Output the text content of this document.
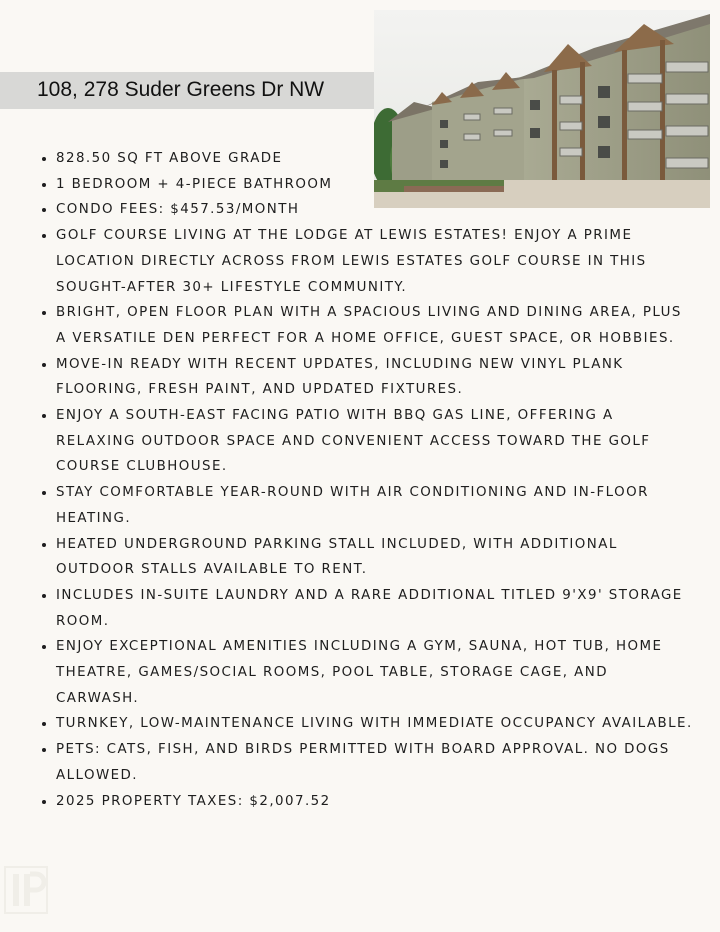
108, 278 Suder Greens Dr NW
828.50 SQ FT ABOVE GRADE
1 BEDROOM + 4-PIECE BATHROOM
CONDO FEES: $457.53/MONTH
GOLF COURSE LIVING AT THE LODGE AT LEWIS ESTATES! ENJOY A PRIME LOCATION DIRECTLY ACROSS FROM LEWIS ESTATES GOLF COURSE IN THIS SOUGHT-AFTER 30+ LIFESTYLE COMMUNITY.
BRIGHT, OPEN FLOOR PLAN WITH A SPACIOUS LIVING AND DINING AREA, PLUS A VERSATILE DEN PERFECT FOR A HOME OFFICE, GUEST SPACE, OR HOBBIES.
MOVE-IN READY WITH RECENT UPDATES, INCLUDING NEW VINYL PLANK FLOORING, FRESH PAINT, AND UPDATED FIXTURES.
ENJOY A SOUTH-EAST FACING PATIO WITH BBQ GAS LINE, OFFERING A RELAXING OUTDOOR SPACE AND CONVENIENT ACCESS TOWARD THE GOLF COURSE CLUBHOUSE.
STAY COMFORTABLE YEAR-ROUND WITH AIR CONDITIONING AND IN-FLOOR HEATING.
HEATED UNDERGROUND PARKING STALL INCLUDED, WITH ADDITIONAL OUTDOOR STALLS AVAILABLE TO RENT.
INCLUDES IN-SUITE LAUNDRY AND A RARE ADDITIONAL TITLED 9'X9' STORAGE ROOM.
ENJOY EXCEPTIONAL AMENITIES INCLUDING A GYM, SAUNA, HOT TUB, HOME THEATRE, GAMES/SOCIAL ROOMS, POOL TABLE, STORAGE CAGE, AND CARWASH.
TURNKEY, LOW-MAINTENANCE LIVING WITH IMMEDIATE OCCUPANCY AVAILABLE.
PETS: CATS, FISH, AND BIRDS PERMITTED WITH BOARD APPROVAL. NO DOGS ALLOWED.
2025 PROPERTY TAXES: $2,007.52
